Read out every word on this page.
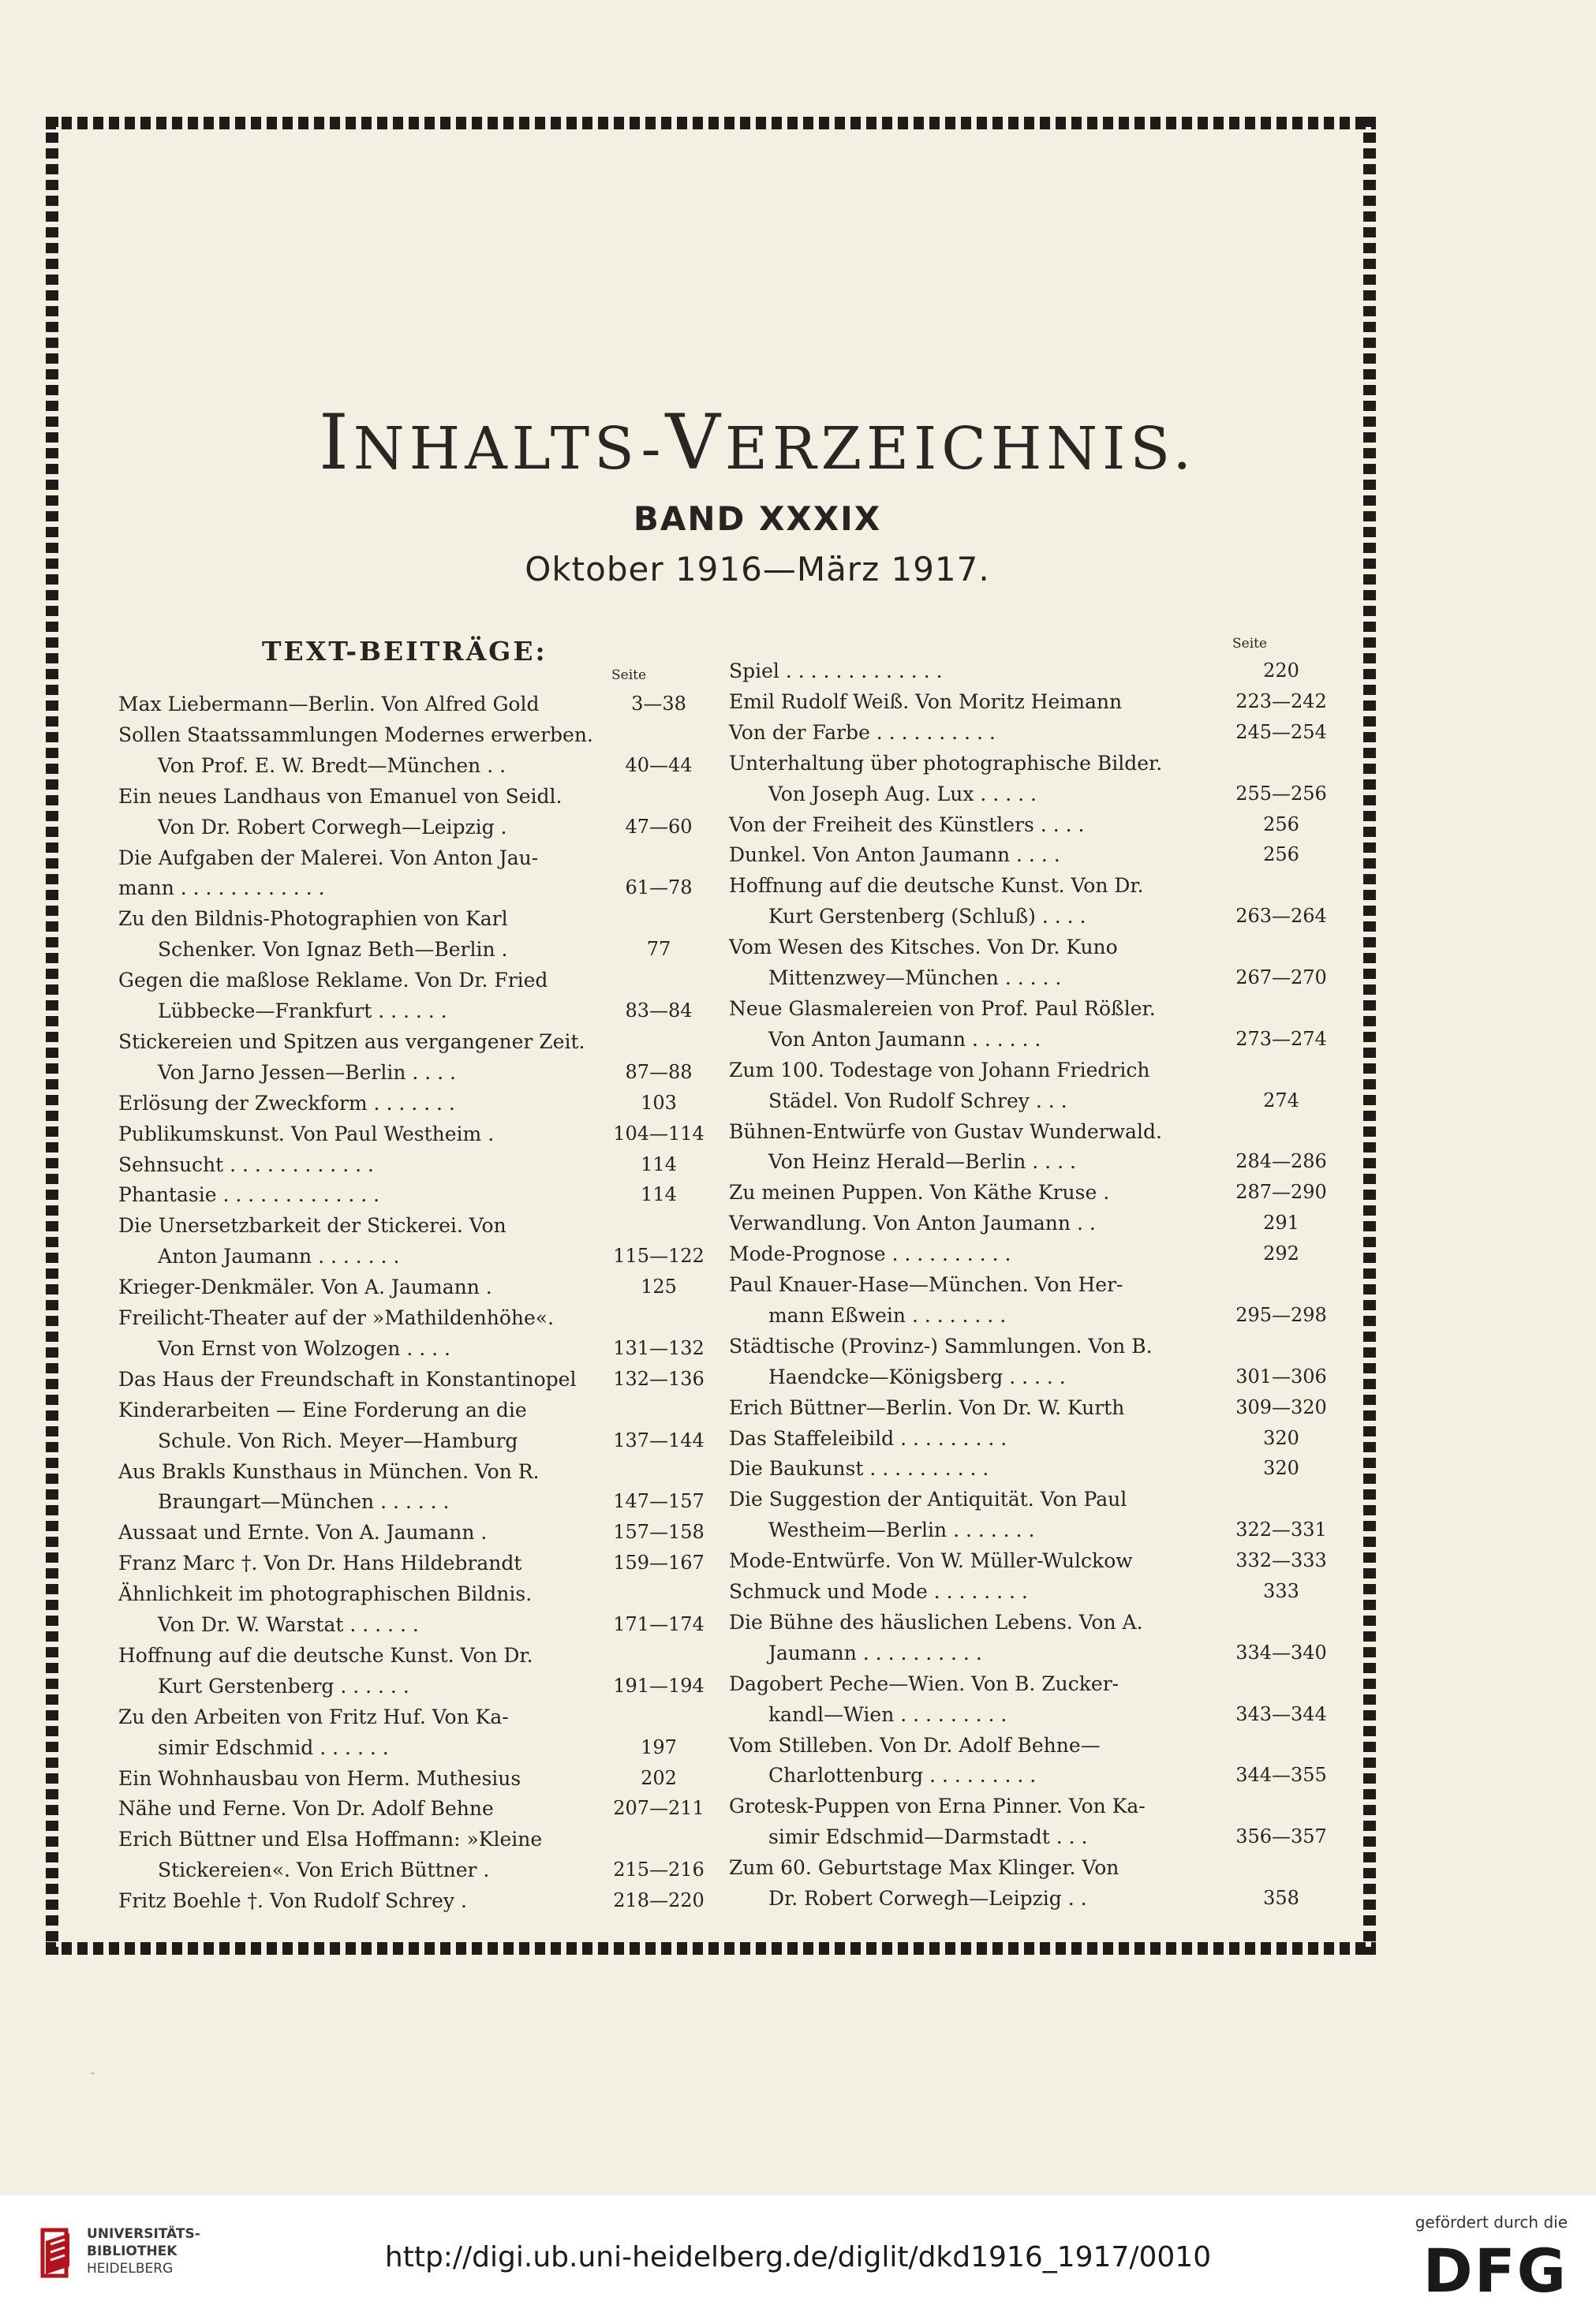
INHALTS-VERZEICHNIS.
BAND XXXIX
Oktober 1916—März 1917.
TEXT-BEITRÄGE:
Seite
Seite
Max Liebermann—Berlin. Von Alfred Gold	3—38
Sollen Staatssammlungen Modernes erwerben.
Von Prof. E. W. Bredt—München . .	40—44
Ein neues Landhaus von Emanuel von Seidl.
Von Dr. Robert Corwegh—Leipzig .	47—60
Die Aufgaben der Malerei. Von Anton Jau-
mann . . . . . . . . . . . .	61—78
Zu den Bildnis-Photographien von Karl
Schenker. Von Ignaz Beth—Berlin .	77
Gegen die maßlose Reklame. Von Dr. Fried
Lübbecke—Frankfurt . . . . . .	83—84
Stickereien und Spitzen aus vergangener Zeit.
Von Jarno Jessen—Berlin . . . .	87—88
Erlösung der Zweckform . . . . . . .	103
Publikumskunst. Von Paul Westheim .	104—114
Sehnsucht . . . . . . . . . . . .	114
Phantasie . . . . . . . . . . . . .	114
Die Unersetzbarkeit der Stickerei. Von
Anton Jaumann . . . . . . .	115—122
Krieger-Denkmäler. Von A. Jaumann .	125
Freilicht-Theater auf der »Mathildenhöhe«.
Von Ernst von Wolzogen . . . .	131—132
Das Haus der Freundschaft in Konstantinopel	132—136
Kinderarbeiten — Eine Forderung an die
Schule. Von Rich. Meyer—Hamburg	137—144
Aus Brakls Kunsthaus in München. Von R.
Braungart—München . . . . . .	147—157
Aussaat und Ernte. Von A. Jaumann .	157—158
Franz Marc †. Von Dr. Hans Hildebrandt	159—167
Ähnlichkeit im photographischen Bildnis.
Von Dr. W. Warstat . . . . . .	171—174
Hoffnung auf die deutsche Kunst. Von Dr.
Kurt Gerstenberg . . . . . .	191—194
Zu den Arbeiten von Fritz Huf. Von Ka-
simir Edschmid . . . . . .	197
Ein Wohnhausbau von Herm. Muthesius	202
Nähe und Ferne. Von Dr. Adolf Behne	207—211
Erich Büttner und Elsa Hoffmann: »Kleine
Stickereien«. Von Erich Büttner .	215—216
Fritz Boehle †. Von Rudolf Schrey .	218—220
Spiel . . . . . . . . . . . . .	220
Emil Rudolf Weiß. Von Moritz Heimann	223—242
Von der Farbe . . . . . . . . . .	245—254
Unterhaltung über photographische Bilder.
Von Joseph Aug. Lux . . . . .	255—256
Von der Freiheit des Künstlers . . . .	256
Dunkel. Von Anton Jaumann . . . .	256
Hoffnung auf die deutsche Kunst. Von Dr.
Kurt Gerstenberg (Schluß) . . . .	263—264
Vom Wesen des Kitsches. Von Dr. Kuno
Mittenzwey—München . . . . .	267—270
Neue Glasmalereien von Prof. Paul Rößler.
Von Anton Jaumann . . . . . .	273—274
Zum 100. Todestage von Johann Friedrich
Städel. Von Rudolf Schrey . . .	274
Bühnen-Entwürfe von Gustav Wunderwald.
Von Heinz Herald—Berlin . . . .	284—286
Zu meinen Puppen. Von Käthe Kruse .	287—290
Verwandlung. Von Anton Jaumann . .	291
Mode-Prognose . . . . . . . . . .	292
Paul Knauer-Hase—München. Von Her-
mann Eßwein . . . . . . . .	295—298
Städtische (Provinz-) Sammlungen. Von B.
Haendcke—Königsberg . . . . .	301—306
Erich Büttner—Berlin. Von Dr. W. Kurth	309—320
Das Staffeleibild . . . . . . . . .	320
Die Baukunst . . . . . . . . . .	320
Die Suggestion der Antiquität. Von Paul
Westheim—Berlin . . . . . . .	322—331
Mode-Entwürfe. Von W. Müller-Wulckow	332—333
Schmuck und Mode . . . . . . . .	333
Die Bühne des häuslichen Lebens. Von A.
Jaumann . . . . . . . . . .	334—340
Dagobert Peche—Wien. Von B. Zucker-
kandl—Wien . . . . . . . . .	343—344
Vom Stilleben. Von Dr. Adolf Behne—
Charlottenburg . . . . . . . . .	344—355
Grotesk-Puppen von Erna Pinner. Von Ka-
simir Edschmid—Darmstadt . . .	356—357
Zum 60. Geburtstage Max Klinger. Von
Dr. Robert Corwegh—Leipzig . .	358
ˇ
UNIVERSITÄTS-
BIBLIOTHEK
HEIDELBERG	http://digi.ub.uni-heidelberg.de/diglit/dkd1916_1917/0010
gefördert durch die
DFG
